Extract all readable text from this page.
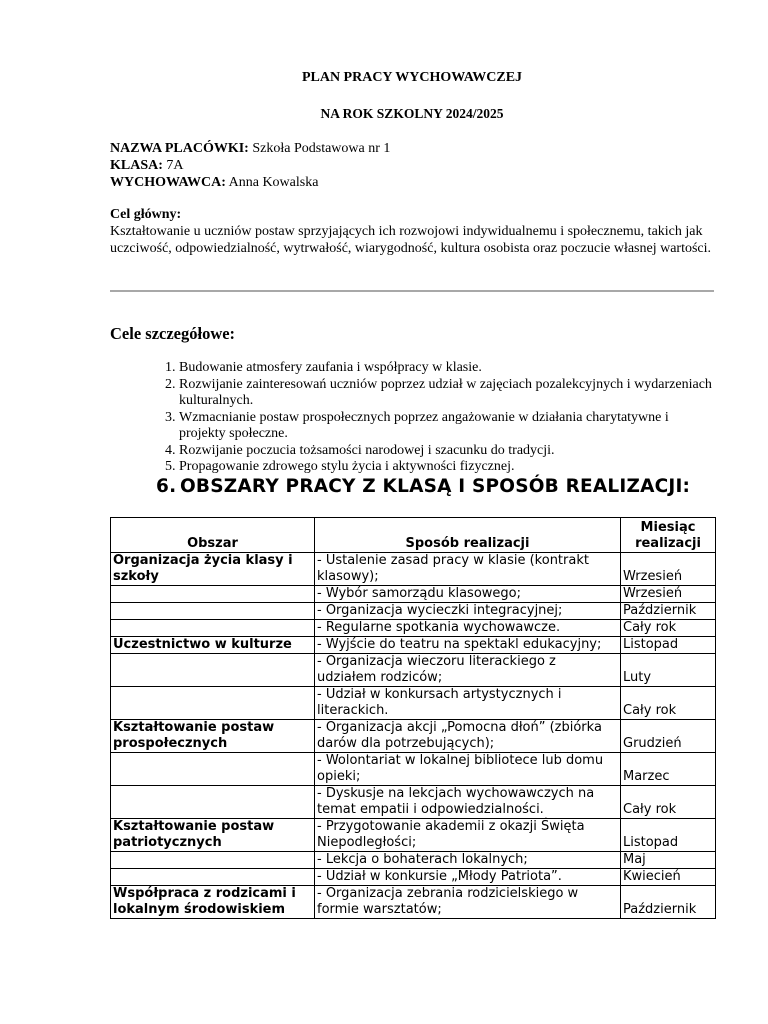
PLAN PRACY WYCHOWAWCZEJ
NA ROK SZKOLNY 2024/2025
NAZWA PLACÓWKI: Szkoła Podstawowa nr 1
KLASA: 7A
WYCHOWAWCA: Anna Kowalska
Cel główny:
Kształtowanie u uczniów postaw sprzyjających ich rozwojowi indywidualnemu i społecznemu, takich jak uczciwość, odpowiedzialność, wytrwałość, wiarygodność, kultura osobista oraz poczucie własnej wartości.
Cele szczegółowe:
1. Budowanie atmosfery zaufania i współpracy w klasie.
2. Rozwijanie zainteresowań uczniów poprzez udział w zajęciach pozalekcyjnych i wydarzeniach kulturalnych.
3. Wzmacnianie postaw prospołecznych poprzez angażowanie w działania charytatywne i projekty społeczne.
4. Rozwijanie poczucia tożsamości narodowej i szacunku do tradycji.
5. Propagowanie zdrowego stylu życia i aktywności fizycznej.
6. OBSZARY PRACY Z KLASĄ I SPOSÓB REALIZACJI:
Obszar	Sposób realizacji	Miesiąc realizacji
Organizacja życia klasy i szkoły	- Ustalenie zasad pracy w klasie (kontrakt klasowy);	Wrzesień
	- Wybór samorządu klasowego;	Wrzesień
	- Organizacja wycieczki integracyjnej;	Październik
	- Regularne spotkania wychowawcze.	Cały rok
Uczestnictwo w kulturze	- Wyjście do teatru na spektakl edukacyjny;	Listopad
	- Organizacja wieczoru literackiego z udziałem rodziców;	Luty
	- Udział w konkursach artystycznych i literackich.	Cały rok
Kształtowanie postaw prospołecznych	- Organizacja akcji „Pomocna dłoń” (zbiórka darów dla potrzebujących);	Grudzień
	- Wolontariat w lokalnej bibliotece lub domu opieki;	Marzec
	- Dyskusje na lekcjach wychowawczych na temat empatii i odpowiedzialności.	Cały rok
Kształtowanie postaw patriotycznych	- Przygotowanie akademii z okazji Święta Niepodległości;	Listopad
	- Lekcja o bohaterach lokalnych;	Maj
	- Udział w konkursie „Młody Patriota”.	Kwiecień
Współpraca z rodzicami i lokalnym środowiskiem	- Organizacja zebrania rodzicielskiego w formie warsztatów;	Październik
